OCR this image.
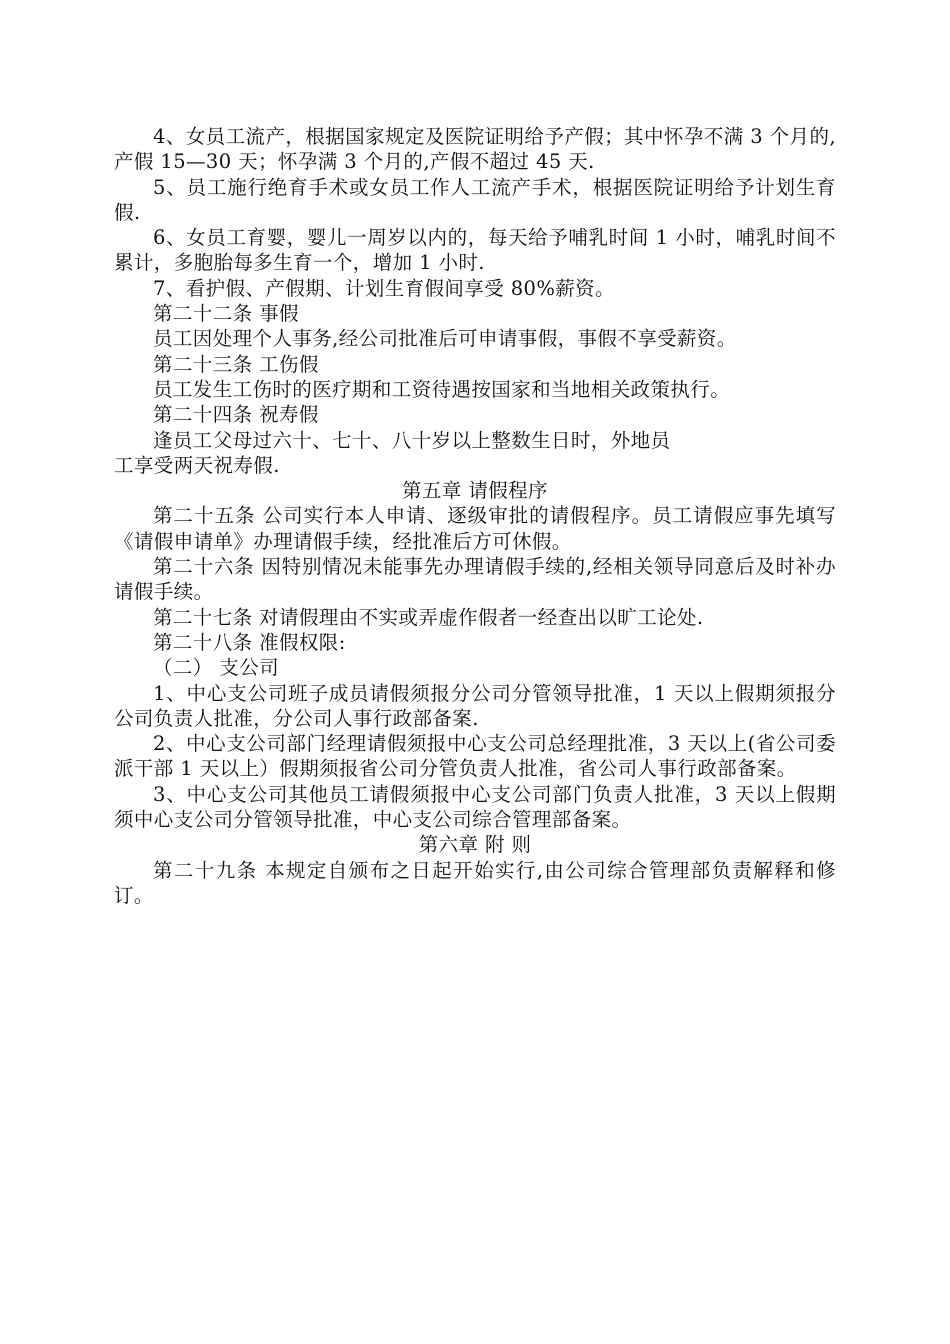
4、女员工流产，根据国家规定及医院证明给予产假；其中怀孕不满 3 个月的,产假 15—30 天；怀孕满 3 个月的,产假不超过 45 天.

5、员工施行绝育手术或女员工作人工流产手术，根据医院证明给予计划生育假.

6、女员工育婴，婴儿一周岁以内的，每天给予哺乳时间 1 小时，哺乳时间不累计，多胞胎每多生育一个，增加 1 小时.

7、看护假、产假期、计划生育假间享受 80%薪资。

第二十二条 事假

员工因处理个人事务,经公司批准后可申请事假，事假不享受薪资。

第二十三条 工伤假

员工发生工伤时的医疗期和工资待遇按国家和当地相关政策执行。

第二十四条 祝寿假

逢员工父母过六十、七十、八十岁以上整数生日时，外地员

工享受两天祝寿假.

第五章 请假程序

第二十五条 公司实行本人申请、逐级审批的请假程序。员工请假应事先填写《请假申请单》办理请假手续，经批准后方可休假。

第二十六条 因特别情况未能事先办理请假手续的,经相关领导同意后及时补办请假手续。

第二十七条 对请假理由不实或弄虚作假者一经查出以旷工论处.

第二十八条 准假权限:

（二） 支公司

1、中心支公司班子成员请假须报分公司分管领导批准，1 天以上假期须报分公司负责人批准，分公司人事行政部备案.

2、中心支公司部门经理请假须报中心支公司总经理批准，3 天以上(省公司委派干部 1 天以上）假期须报省公司分管负责人批准，省公司人事行政部备案。

3、中心支公司其他员工请假须报中心支公司部门负责人批准，3 天以上假期须中心支公司分管领导批准，中心支公司综合管理部备案。

第六章 附 则

第二十九条 本规定自颁布之日起开始实行,由公司综合管理部负责解释和修订。
